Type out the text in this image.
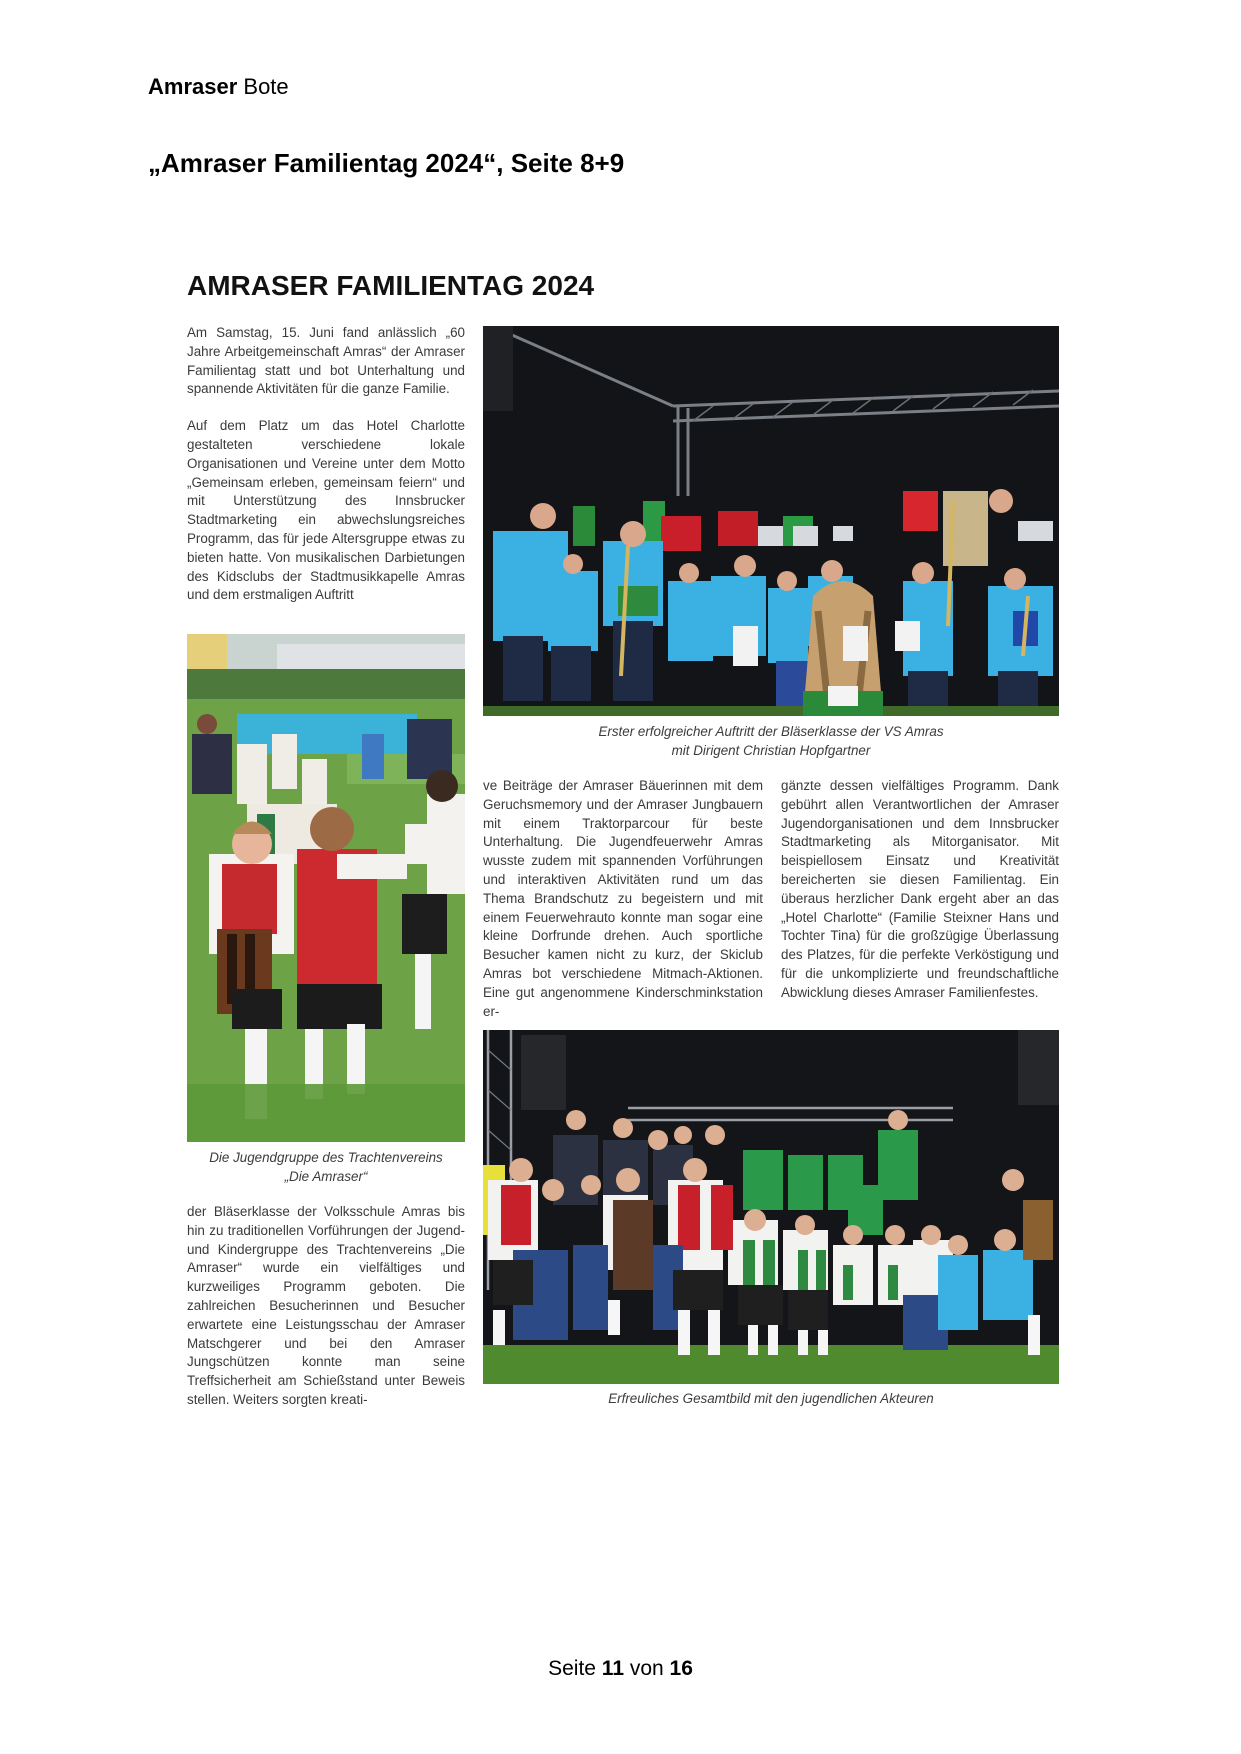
Amraser Bote
„Amraser Familientag 2024“, Seite 8+9
AMRASER FAMILIENTAG 2024

Am Samstag, 15. Juni fand anlässlich „60 Jahre Arbeitgemeinschaft Amras“ der Amraser Familientag statt und bot Unterhaltung und spannende Aktivitäten für die ganze Familie.

Auf dem Platz um das Hotel Charlotte gestalteten verschiedene lokale Organisationen und Vereine unter dem Motto „Gemeinsam erleben, gemeinsam feiern“ und mit Unterstützung des Innsbrucker Stadtmarketing ein abwechslungsreiches Programm, das für jede Altersgruppe etwas zu bieten hatte. Von musikalischen Darbietungen des Kidsclubs der Stadtmusikkapelle Amras und dem erstmaligen Auftritt

Die Jugendgruppe des Trachtenvereins
„Die Amraser“

der Bläserklasse der Volksschule Amras bis hin zu traditionellen Vorführungen der Jugend- und Kindergruppe des Trachtenvereins „Die Amraser“ wurde ein vielfältiges und kurzweiliges Programm geboten. Die zahlreichen Besucherinnen und Besucher erwartete eine Leistungsschau der Amraser Matschgerer und bei den Amraser Jungschützen konnte man seine Treffsicherheit am Schießstand unter Beweis stellen. Weiters sorgten kreati-

Erster erfolgreicher Auftritt der Bläserklasse der VS Amras
mit Dirigent Christian Hopfgartner

ve Beiträge der Amraser Bäuerinnen mit dem Geruchsmemory und der Amraser Jungbauern mit einem Traktorparcour für beste Unterhaltung. Die Jugendfeuerwehr Amras wusste zudem mit spannenden Vorführungen und interaktiven Aktivitäten rund um das Thema Brandschutz zu begeistern und mit einem Feuerwehrauto konnte man sogar eine kleine Dorfrunde drehen. Auch sportliche Besucher kamen nicht zu kurz, der Skiclub Amras bot verschiedene Mitmach-Aktionen. Eine gut angenommene Kinderschminkstation er-

gänzte dessen vielfältiges Programm. Dank gebührt allen Verantwortlichen der Amraser Jugendorganisationen und dem Innsbrucker Stadtmarketing als Mitorganisator. Mit beispiellosem Einsatz und Kreativität bereicherten sie diesen Familientag. Ein überaus herzlicher Dank ergeht aber an das „Hotel Charlotte“ (Familie Steixner Hans und Tochter Tina) für die großzügige Überlassung des Platzes, für die perfekte Verköstigung und für die unkomplizierte und freundschaftliche Abwicklung dieses Amraser Familienfestes.

Erfreuliches Gesamtbild mit den jugendlichen Akteuren
Seite 11 von 16
